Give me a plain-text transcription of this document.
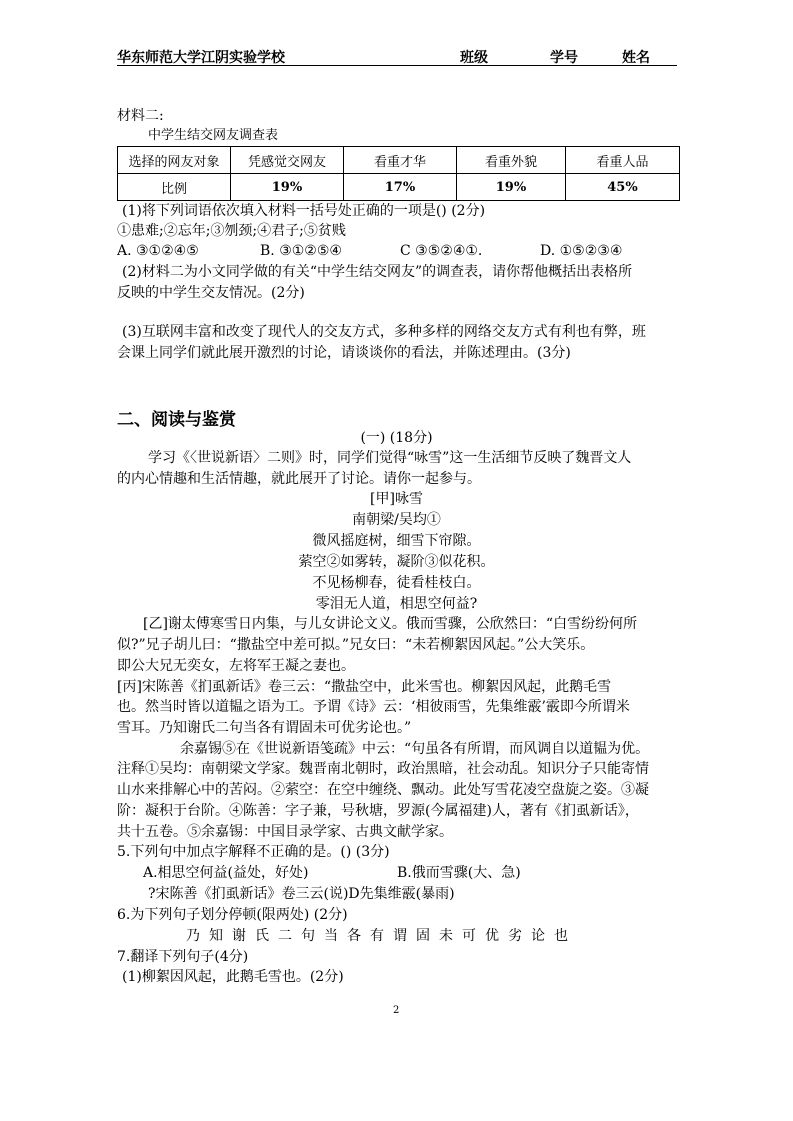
华东师范大学江阴实验学校	班级	学号	姓名
材料二:
中学生结交网友调查表
选择的网友对象	凭感觉交网友	看重才华	看重外貌	看重人品
比例	19%	17%	19%	45%
(1)将下列词语依次填入材料一括号处正确的一项是() (2分)
①患难;②忘年;③刎颈;④君子;⑤贫贱
A. ③①②④⑤	B. ③①②⑤④	C ③⑤②④①.	D. ①⑤②③④
(2)材料二为小文同学做的有关“中学生结交网友”的调查表，请你帮他概括出表格所
反映的中学生交友情况。(2分)
(3)互联网丰富和改变了现代人的交友方式，多种多样的网络交友方式有利也有弊，班
会课上同学们就此展开激烈的讨论，请谈谈你的看法，并陈述理由。(3分)
二、阅读与鉴赏
(一) (18分)
学习《〈世说新语〉二则》时，同学们觉得“咏雪”这一生活细节反映了魏晋文人
的内心情趣和生活情趣，就此展开了讨论。请你一起参与。
[甲]咏雪
南朝梁/吴均①
微风摇庭树，细雪下帘隙。
萦空②如雾转，凝阶③似花积。
不见杨柳春，徒看桂枝白。
零泪无人道，相思空何益?
[乙]谢太傅寒雪日内集，与儿女讲论文义。俄而雪骤，公欣然曰：“白雪纷纷何所
似?”兄子胡儿曰：“撒盐空中差可拟。”兄女曰：“未若柳絮因风起。”公大笑乐。
即公大兄无奕女，左将军王凝之妻也。
[丙]宋陈善《扪虱新话》卷三云：“撒盐空中，此米雪也。柳絮因风起，此鹅毛雪
也。然当时皆以道韫之语为工。予谓《诗》云：‘相彼雨雪，先集维霰’霰即今所谓米
雪耳。乃知谢氏二句当各有谓固未可优劣论也。”
余嘉锡⑤在《世说新语笺疏》中云：“句虽各有所谓，而风调自以道韫为优。
注释①吴均：南朝梁文学家。魏晋南北朝时，政治黑暗，社会动乱。知识分子只能寄情
山水来排解心中的苦闷。②萦空：在空中缠绕、飘动。此处写雪花凌空盘旋之姿。③凝
阶：凝积于台阶。④陈善：字子兼，号秋塘，罗源(今属福建)人，著有《扪虱新话》，
共十五卷。⑤余嘉锡：中国目录学家、古典文献学家。
5.下列句中加点字解释不正确的是。() (3分)
A.相思空何益(益处，好处)	B.俄而雪骤(大、急)
?宋陈善《扪虱新话》卷三云(说)D先集维霰(暴雨)
6.为下列句子划分停顿(限两处) (2分)
乃知谢氏二句当各有谓固未可优劣论也
7.翻译下列句子(4分)
(1)柳絮因风起，此鹅毛雪也。(2分)
2
